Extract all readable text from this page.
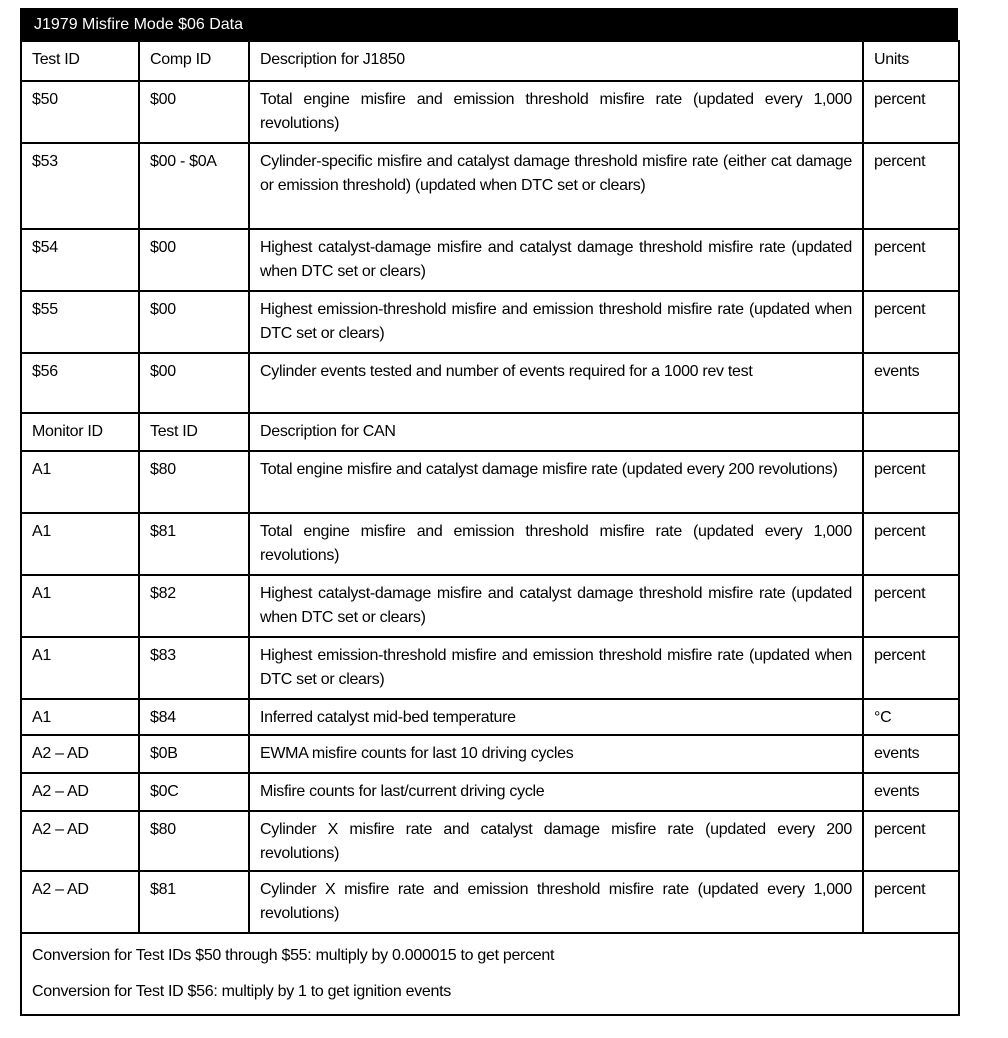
J1979 Misfire Mode $06 Data
Test ID	Comp ID	Description for J1850	Units
$50	$00	Total engine misfire and emission threshold misfire rate (updated every 1,000 revolutions)	percent
$53	$00 - $0A	Cylinder-specific misfire and catalyst damage threshold misfire rate (either cat damage or emission threshold) (updated when DTC set or clears)	percent
$54	$00	Highest catalyst-damage misfire and catalyst damage threshold misfire rate (updated when DTC set or clears)	percent
$55	$00	Highest emission-threshold misfire and emission threshold misfire rate (updated when DTC set or clears)	percent
$56	$00	Cylinder events tested and number of events required for a 1000 rev test	events
Monitor ID	Test ID	Description for CAN	
A1	$80	Total engine misfire and catalyst damage misfire rate (updated every 200 revolutions)	percent
A1	$81	Total engine misfire and emission threshold misfire rate (updated every 1,000 revolutions)	percent
A1	$82	Highest catalyst-damage misfire and catalyst damage threshold misfire rate (updated when DTC set or clears)	percent
A1	$83	Highest emission-threshold misfire and emission threshold misfire rate (updated when DTC set or clears)	percent
A1	$84	Inferred catalyst mid-bed temperature	°C
A2 – AD	$0B	EWMA misfire counts for last 10 driving cycles	events
A2 – AD	$0C	Misfire counts for last/current driving cycle	events
A2 – AD	$80	Cylinder X misfire rate and catalyst damage misfire rate (updated every 200 revolutions)	percent
A2 – AD	$81	Cylinder X misfire rate and emission threshold misfire rate (updated every 1,000 revolutions)	percent

Conversion for Test IDs $50 through $55: multiply by 0.000015 to get percent
Conversion for Test ID $56: multiply by 1 to get ignition events			
